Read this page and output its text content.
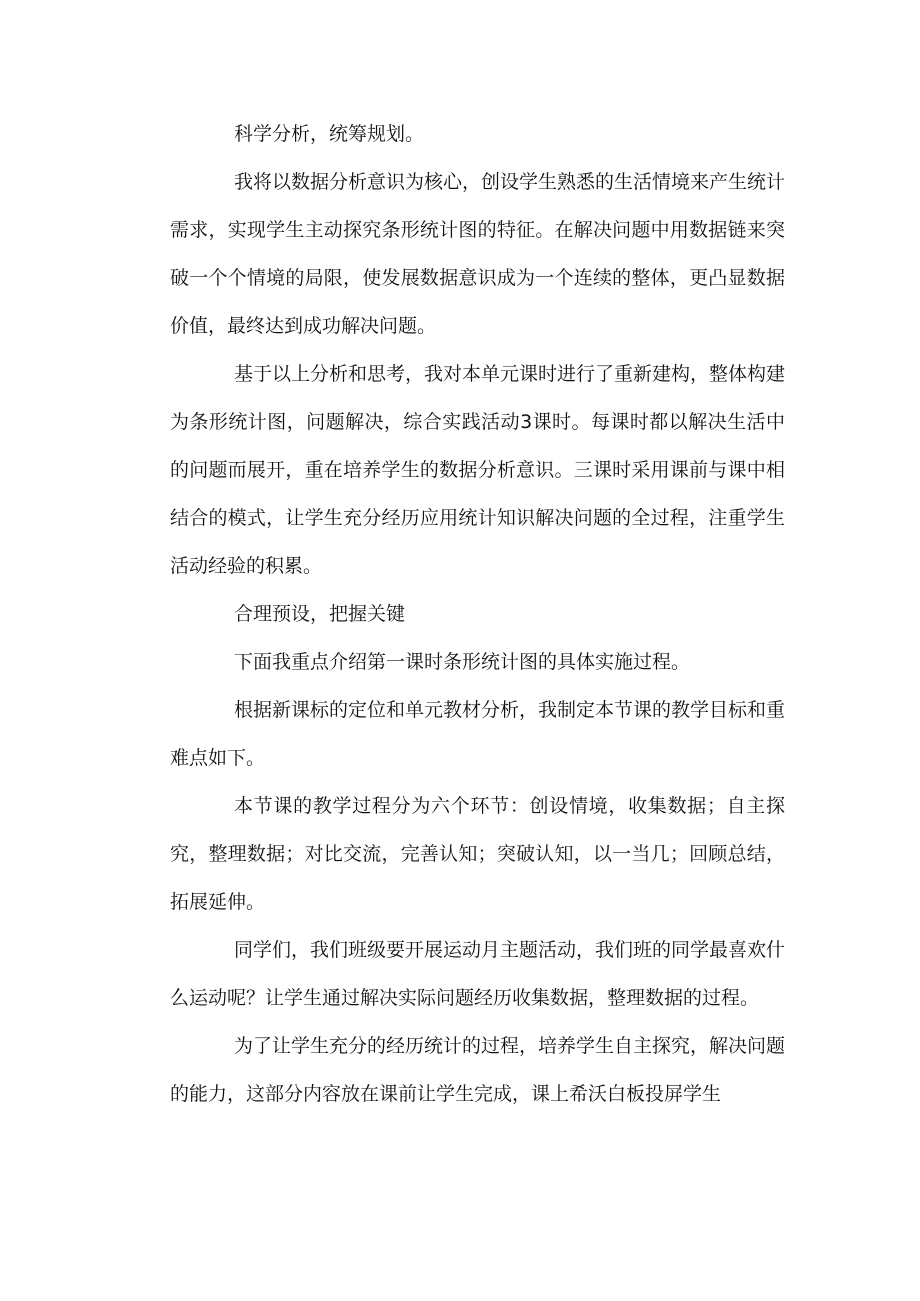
科学分析，统筹规划。

我将以数据分析意识为核心，创设学生熟悉的生活情境来产生统计需求，实现学生主动探究条形统计图的特征。在解决问题中用数据链来突破一个个情境的局限，使发展数据意识成为一个连续的整体，更凸显数据价值，最终达到成功解决问题。

基于以上分析和思考，我对本单元课时进行了重新建构，整体构建为条形统计图，问题解决，综合实践活动3课时。每课时都以解决生活中的问题而展开，重在培养学生的数据分析意识。三课时采用课前与课中相结合的模式，让学生充分经历应用统计知识解决问题的全过程，注重学生活动经验的积累。

合理预设，把握关键

下面我重点介绍第一课时条形统计图的具体实施过程。

根据新课标的定位和单元教材分析，我制定本节课的教学目标和重难点如下。

本节课的教学过程分为六个环节：创设情境，收集数据；自主探究，整理数据；对比交流，完善认知；突破认知，以一当几；回顾总结，拓展延伸。

同学们，我们班级要开展运动月主题活动，我们班的同学最喜欢什么运动呢？让学生通过解决实际问题经历收集数据，整理数据的过程。

为了让学生充分的经历统计的过程，培养学生自主探究，解决问题的能力，这部分内容放在课前让学生完成，课上希沃白板投屏学生
